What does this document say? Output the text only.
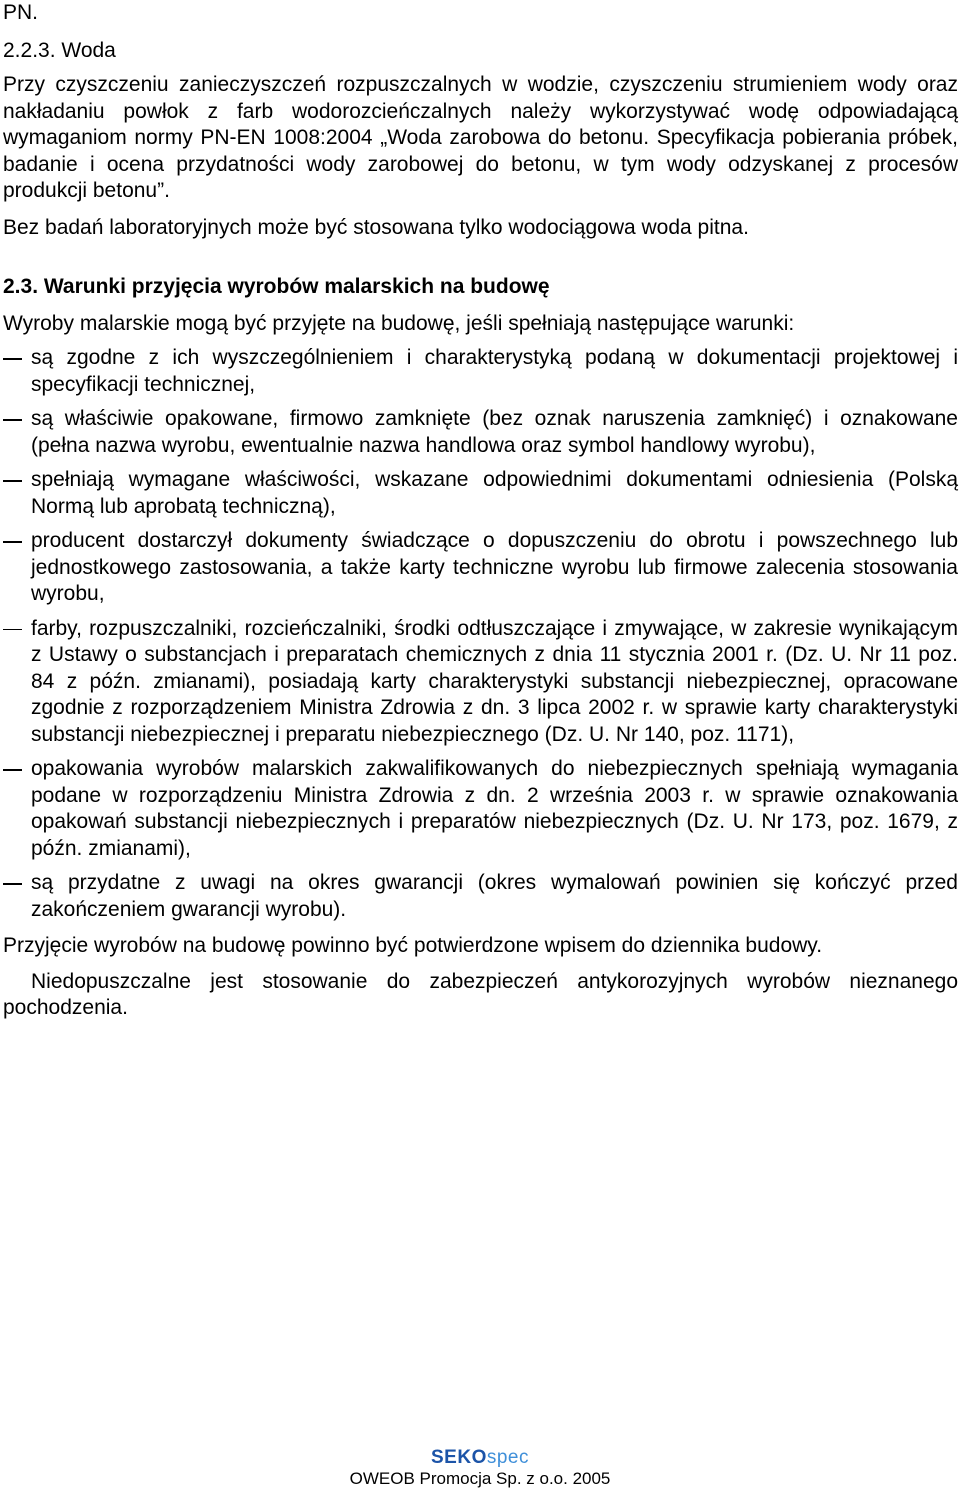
PN.

2.2.3. Woda

Przy czyszczeniu zanieczyszczeń rozpuszczalnych w wodzie, czyszczeniu strumieniem wody oraz nakładaniu powłok z farb wodorozcieńczalnych należy wykorzystywać wodę odpowiadającą wymaganiom normy PN-EN 1008:2004 „Woda zarobowa do betonu. Specyfikacja pobierania próbek, badanie i ocena przydatności wody zarobowej do betonu, w tym wody odzyskanej z procesów produkcji betonu”.

Bez badań laboratoryjnych może być stosowana tylko wodociągowa woda pitna.

2.3. Warunki przyjęcia wyrobów malarskich na budowę

Wyroby malarskie mogą być przyjęte na budowę, jeśli spełniają następujące warunki:

są zgodne z ich wyszczególnieniem i charakterystyką podaną w dokumentacji projektowej i specyfikacji technicznej,
są właściwie opakowane, firmowo zamknięte (bez oznak naruszenia zamknięć) i oznakowane (pełna nazwa wyrobu, ewentualnie nazwa handlowa oraz symbol handlowy wyrobu),
spełniają wymagane właściwości, wskazane odpowiednimi dokumentami odniesienia (Polską Normą lub aprobatą techniczną),
producent dostarczył dokumenty świadczące o dopuszczeniu do obrotu i powszechnego lub jednostkowego zastosowania, a także karty techniczne wyrobu lub firmowe zalecenia stosowania wyrobu,
farby, rozpuszczalniki, rozcieńczalniki, środki odtłuszczające i zmywające, w zakresie wynikającym z Ustawy o substancjach i preparatach chemicznych z dnia 11 stycznia 2001 r. (Dz. U. Nr 11 poz. 84 z późn. zmianami), posiadają karty charakterystyki substancji niebezpiecznej, opracowane zgodnie z rozporządzeniem Ministra Zdrowia z dn. 3 lipca 2002 r. w sprawie karty charakterystyki substancji niebezpiecznej i preparatu niebezpiecznego (Dz. U. Nr 140, poz. 1171),
opakowania wyrobów malarskich zakwalifikowanych do niebezpiecznych spełniają wymagania podane w rozporządzeniu Ministra Zdrowia z dn. 2 września 2003 r. w sprawie oznakowania opakowań substancji niebezpiecznych i preparatów niebezpiecznych (Dz. U. Nr 173, poz. 1679, z późn. zmianami),
są przydatne z uwagi na okres gwarancji (okres wymalowań powinien się kończyć przed zakończeniem gwarancji wyrobu).

Przyjęcie wyrobów na budowę powinno być potwierdzone wpisem do dziennika budowy.

Niedopuszczalne jest stosowanie do zabezpieczeń antykorozyjnych wyrobów nieznanego pochodzenia.

SEKOspec
OWEOB Promocja Sp. z o.o. 2005
